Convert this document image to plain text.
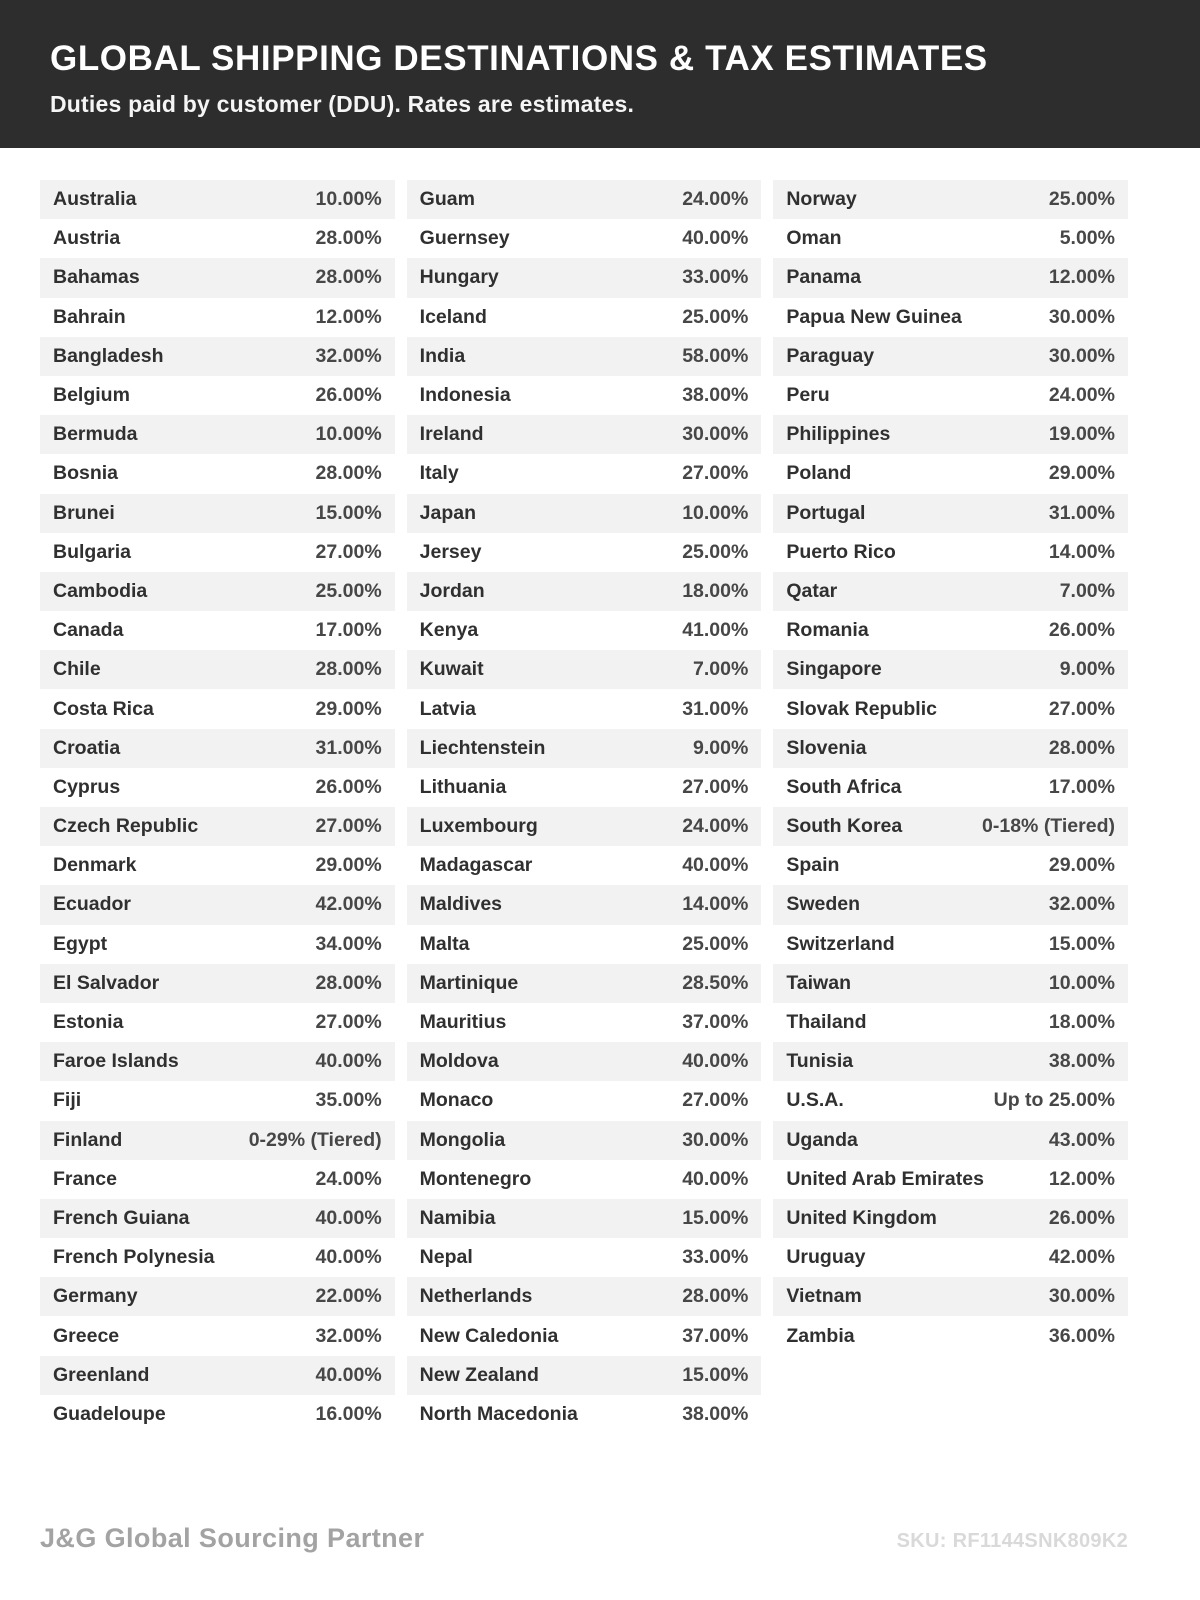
GLOBAL SHIPPING DESTINATIONS & TAX ESTIMATES
Duties paid by customer (DDU). Rates are estimates.
Australia	10.00%
Austria	28.00%
Bahamas	28.00%
Bahrain	12.00%
Bangladesh	32.00%
Belgium	26.00%
Bermuda	10.00%
Bosnia	28.00%
Brunei	15.00%
Bulgaria	27.00%
Cambodia	25.00%
Canada	17.00%
Chile	28.00%
Costa Rica	29.00%
Croatia	31.00%
Cyprus	26.00%
Czech Republic	27.00%
Denmark	29.00%
Ecuador	42.00%
Egypt	34.00%
El Salvador	28.00%
Estonia	27.00%
Faroe Islands	40.00%
Fiji	35.00%
Finland	0-29% (Tiered)
France	24.00%
French Guiana	40.00%
French Polynesia	40.00%
Germany	22.00%
Greece	32.00%
Greenland	40.00%
Guadeloupe	16.00%
Guam	24.00%
Guernsey	40.00%
Hungary	33.00%
Iceland	25.00%
India	58.00%
Indonesia	38.00%
Ireland	30.00%
Italy	27.00%
Japan	10.00%
Jersey	25.00%
Jordan	18.00%
Kenya	41.00%
Kuwait	7.00%
Latvia	31.00%
Liechtenstein	9.00%
Lithuania	27.00%
Luxembourg	24.00%
Madagascar	40.00%
Maldives	14.00%
Malta	25.00%
Martinique	28.50%
Mauritius	37.00%
Moldova	40.00%
Monaco	27.00%
Mongolia	30.00%
Montenegro	40.00%
Namibia	15.00%
Nepal	33.00%
Netherlands	28.00%
New Caledonia	37.00%
New Zealand	15.00%
North Macedonia	38.00%
Norway	25.00%
Oman	5.00%
Panama	12.00%
Papua New Guinea	30.00%
Paraguay	30.00%
Peru	24.00%
Philippines	19.00%
Poland	29.00%
Portugal	31.00%
Puerto Rico	14.00%
Qatar	7.00%
Romania	26.00%
Singapore	9.00%
Slovak Republic	27.00%
Slovenia	28.00%
South Africa	17.00%
South Korea	0-18% (Tiered)
Spain	29.00%
Sweden	32.00%
Switzerland	15.00%
Taiwan	10.00%
Thailand	18.00%
Tunisia	38.00%
U.S.A.	Up to 25.00%
Uganda	43.00%
United Arab Emirates	12.00%
United Kingdom	26.00%
Uruguay	42.00%
Vietnam	30.00%
Zambia	36.00%
J&G Global Sourcing Partner	SKU: RF1144SNK809K2
